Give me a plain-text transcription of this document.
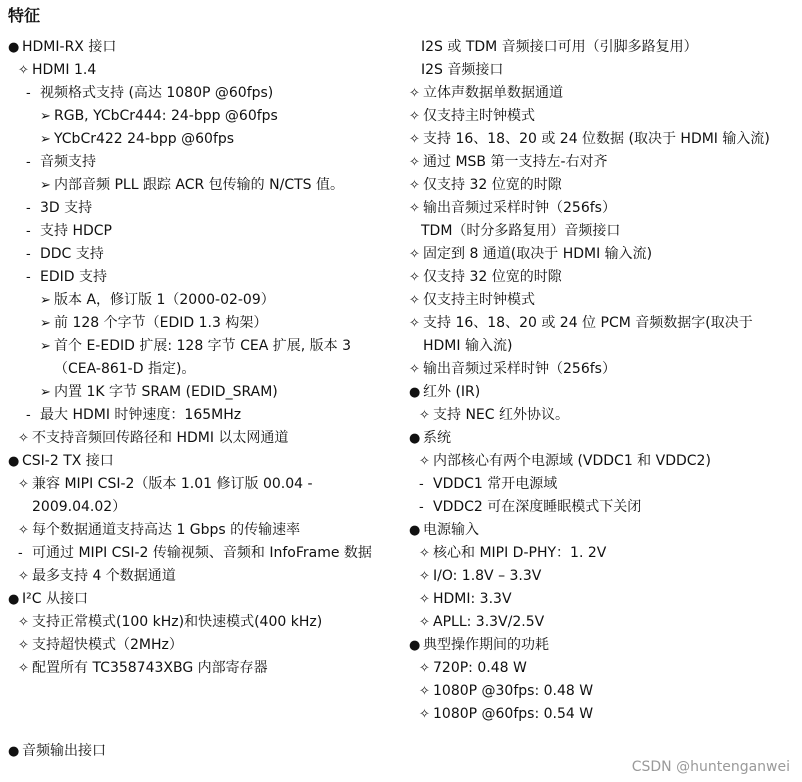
特征
● HDMI-RX 接口
✧ HDMI 1.4
- 视频格式支持 (高达 1080P @60fps)
➢ RGB, YCbCr444: 24-bpp @60fps
➢ YCbCr422 24-bpp @60fps
- 音频支持
➢ 内部音频 PLL 跟踪 ACR 包传输的 N/CTS 值。
- 3D 支持
- 支持 HDCP
- DDC 支持
- EDID 支持
➢ 版本 A，修订版 1（2000-02-09）
➢ 前 128 个字节（EDID 1.3 构架）
➢ 首个 E-EDID 扩展: 128 字节 CEA 扩展, 版本 3（CEA-861-D 指定)。
➢ 内置 1K 字节 SRAM (EDID_SRAM)
- 最大 HDMI 时钟速度：165MHz
✧ 不支持音频回传路径和 HDMI 以太网通道
● CSI-2 TX 接口
✧ 兼容 MIPI CSI-2（版本 1.01 修订版 00.04 - 2009.04.02）
✧ 每个数据通道支持高达 1 Gbps 的传输速率
- 可通过 MIPI CSI-2 传输视频、音频和 InfoFrame 数据
✧ 最多支持 4 个数据通道
● I²C 从接口
✧ 支持正常模式(100 kHz)和快速模式(400 kHz)
✧ 支持超快模式（2MHz）
✧ 配置所有 TC358743XBG 内部寄存器
I2S 或 TDM 音频接口可用（引脚多路复用）
I2S 音频接口
✧ 立体声数据单数据通道
✧ 仅支持主时钟模式
✧ 支持 16、18、20 或 24 位数据 (取决于 HDMI 输入流)
✧ 通过 MSB 第一支持左-右对齐
✧ 仅支持 32 位宽的时隙
✧ 输出音频过采样时钟（256fs）
TDM（时分多路复用）音频接口
✧ 固定到 8 通道(取决于 HDMI 输入流)
✧ 仅支持 32 位宽的时隙
✧ 仅支持主时钟模式
✧ 支持 16、18、20 或 24 位 PCM 音频数据字(取决于 HDMI 输入流)
✧ 输出音频过采样时钟（256fs）
● 红外 (IR)
✧ 支持 NEC 红外协议。
● 系统
✧ 内部核心有两个电源域 (VDDC1 和 VDDC2)
- VDDC1 常开电源域
- VDDC2 可在深度睡眠模式下关闭
● 电源输入
✧ 核心和 MIPI D-PHY：1. 2V
✧ I/O: 1.8V – 3.3V
✧ HDMI: 3.3V
✧ APLL: 3.3V/2.5V
● 典型操作期间的功耗
✧ 720P: 0.48 W
✧ 1080P @30fps: 0.48 W
✧ 1080P @60fps: 0.54 W
● 音频输出接口
CSDN @huntenganwei
